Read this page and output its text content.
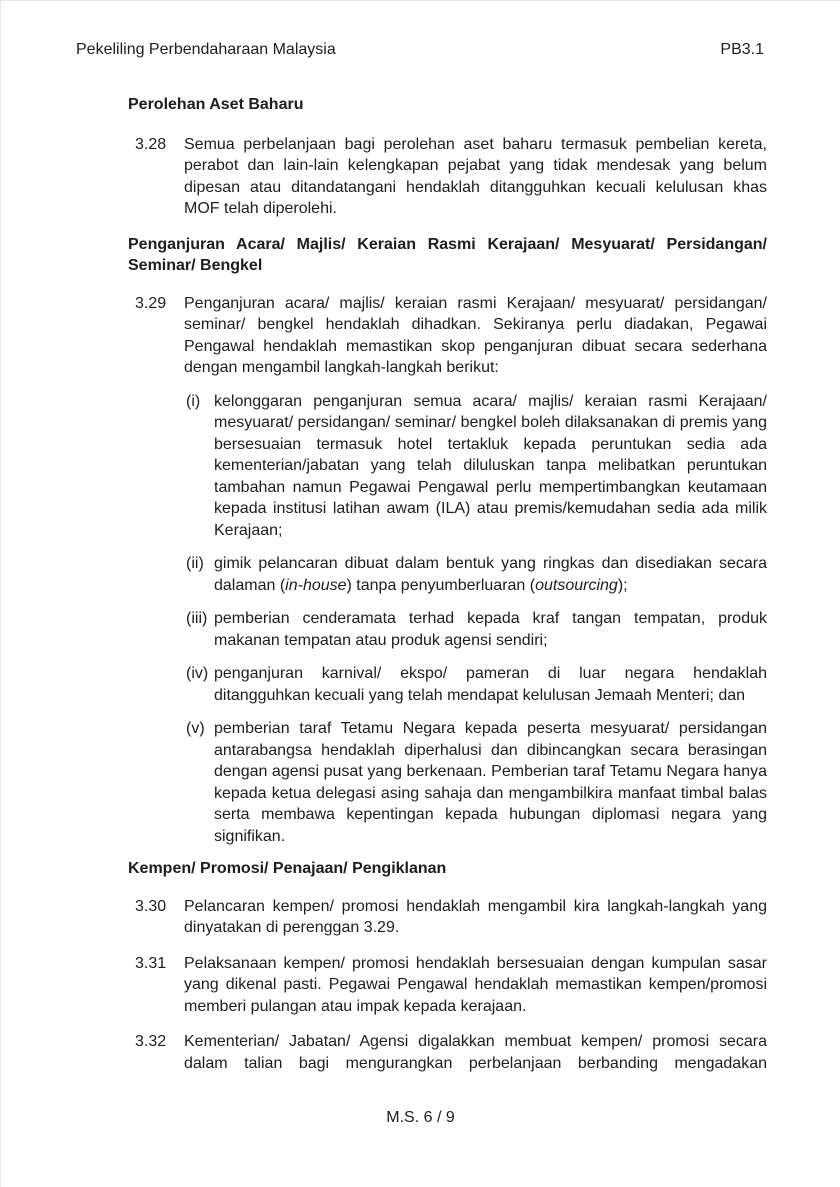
Pekeliling Perbendaharaan Malaysia	PB3.1
Perolehan Aset Baharu
3.28 Semua perbelanjaan bagi perolehan aset baharu termasuk pembelian kereta, perabot dan lain-lain kelengkapan pejabat yang tidak mendesak yang belum dipesan atau ditandatangani hendaklah ditangguhkan kecuali kelulusan khas MOF telah diperolehi.
Penganjuran Acara/ Majlis/ Keraian Rasmi Kerajaan/ Mesyuarat/ Persidangan/ Seminar/ Bengkel
3.29 Penganjuran acara/ majlis/ keraian rasmi Kerajaan/ mesyuarat/ persidangan/ seminar/ bengkel hendaklah dihadkan. Sekiranya perlu diadakan, Pegawai Pengawal hendaklah memastikan skop penganjuran dibuat secara sederhana dengan mengambil langkah-langkah berikut:
(i) kelonggaran penganjuran semua acara/ majlis/ keraian rasmi Kerajaan/ mesyuarat/ persidangan/ seminar/ bengkel boleh dilaksanakan di premis yang bersesuaian termasuk hotel tertakluk kepada peruntukan sedia ada kementerian/jabatan yang telah diluluskan tanpa melibatkan peruntukan tambahan namun Pegawai Pengawal perlu mempertimbangkan keutamaan kepada institusi latihan awam (ILA) atau premis/kemudahan sedia ada milik Kerajaan;
(ii) gimik pelancaran dibuat dalam bentuk yang ringkas dan disediakan secara dalaman (in-house) tanpa penyumberluaran (outsourcing);
(iii) pemberian cenderamata terhad kepada kraf tangan tempatan, produk makanan tempatan atau produk agensi sendiri;
(iv) penganjuran karnival/ ekspo/ pameran di luar negara hendaklah ditangguhkan kecuali yang telah mendapat kelulusan Jemaah Menteri; dan
(v) pemberian taraf Tetamu Negara kepada peserta mesyuarat/ persidangan antarabangsa hendaklah diperhalusi dan dibincangkan secara berasingan dengan agensi pusat yang berkenaan. Pemberian taraf Tetamu Negara hanya kepada ketua delegasi asing sahaja dan mengambilkira manfaat timbal balas serta membawa kepentingan kepada hubungan diplomasi negara yang signifikan.
Kempen/ Promosi/ Penajaan/ Pengiklanan
3.30 Pelancaran kempen/ promosi hendaklah mengambil kira langkah-langkah yang dinyatakan di perenggan 3.29.
3.31 Pelaksanaan kempen/ promosi hendaklah bersesuaian dengan kumpulan sasar yang dikenal pasti. Pegawai Pengawal hendaklah memastikan kempen/promosi memberi pulangan atau impak kepada kerajaan.
3.32 Kementerian/ Jabatan/ Agensi digalakkan membuat kempen/ promosi secara dalam talian bagi mengurangkan perbelanjaan berbanding mengadakan
M.S. 6 / 9
